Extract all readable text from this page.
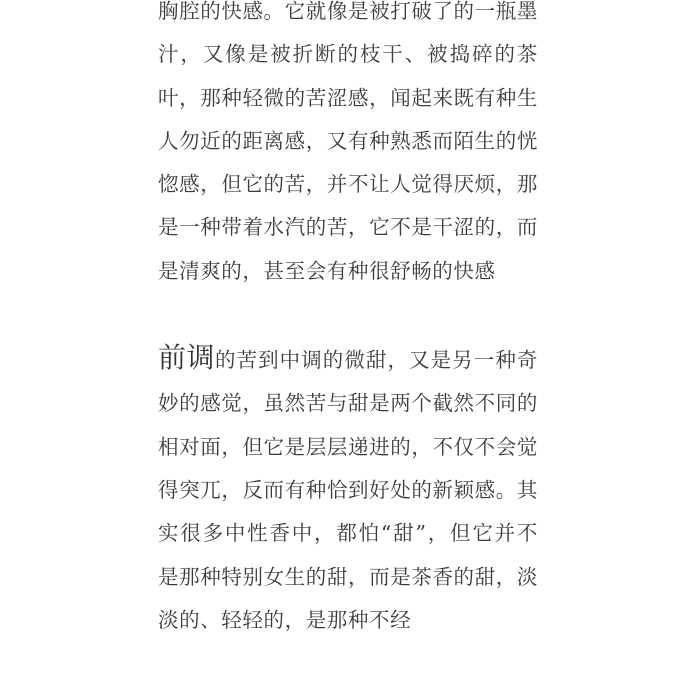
胸腔的快感。它就像是被打破了的一瓶墨汁，又像是被折断的枝干、被捣碎的茶叶，那种轻微的苦涩感，闻起来既有种生人勿近的距离感，又有种熟悉而陌生的恍惚感，但它的苦，并不让人觉得厌烦，那是一种带着水汽的苦，它不是干涩的，而是清爽的，甚至会有种很舒畅的快感

前调的苦到中调的微甜，又是另一种奇妙的感觉，虽然苦与甜是两个截然不同的相对面，但它是层层递进的，不仅不会觉得突兀，反而有种恰到好处的新颖感。其实很多中性香中，都怕“甜”，但它并不是那种特别女生的甜，而是茶香的甜，淡淡的、轻轻的，是那种不经
